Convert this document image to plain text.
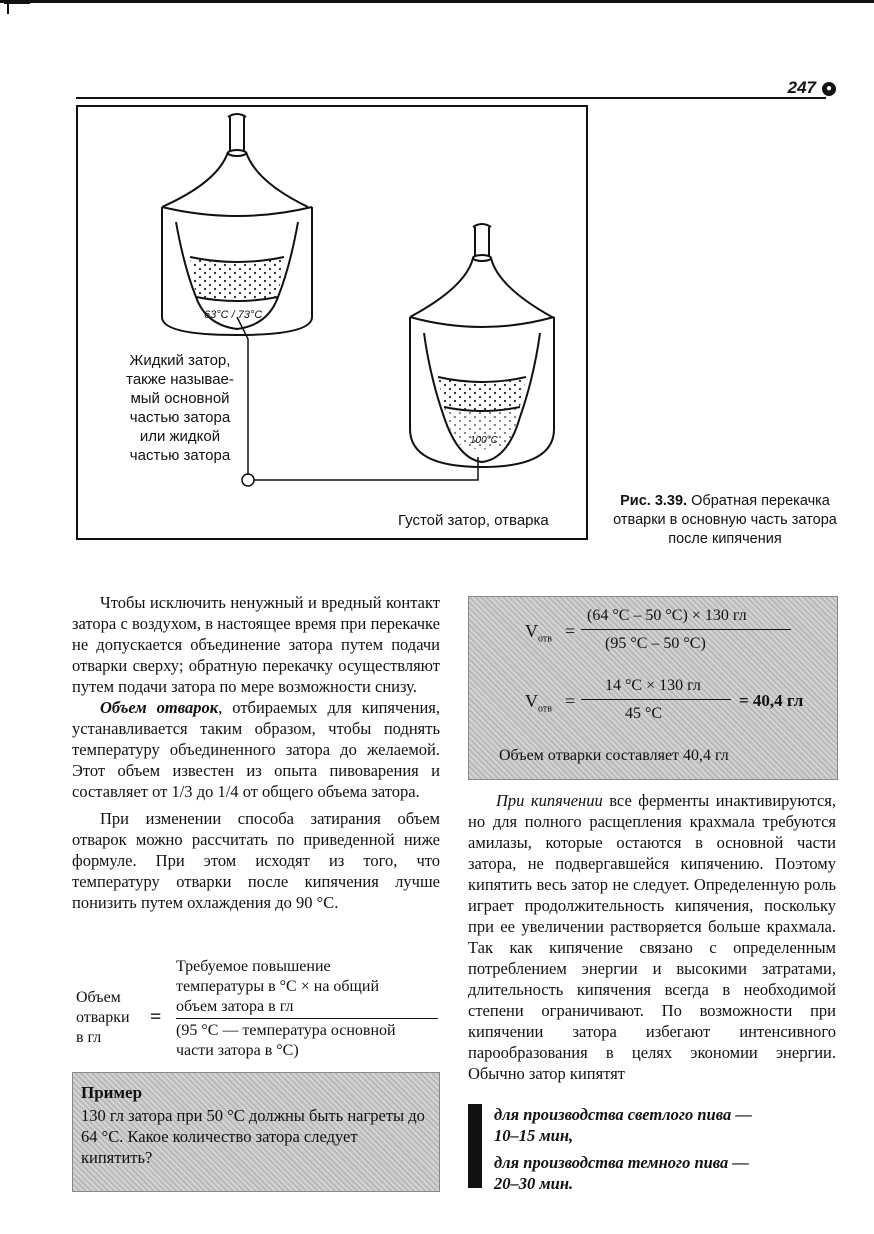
247 ●
63°C / 73°C
100°C
Жидкий затор,
также называе-
мый основной
частью затора
или жидкой
частью затора
Густой затор, отварка
Рис. 3.39. Обратная перекачка отварки в основную часть затора после кипячения

Чтобы исключить ненужный и вредный контакт затора с воздухом, в настоящее время при перекачке не допускается объединение затора путем подачи отварки сверху; обратную перекачку осуществляют путем подачи затора по мере возможности снизу.

Объем отварок, отбираемых для кипячения, устанавливается таким образом, чтобы поднять температуру объединенного затора до желаемой. Этот объем известен из опыта пивоварения и составляет от 1/3 до 1/4 от общего объема затора.

При изменении способа затирания объем отварок можно рассчитать по приведенной ниже формуле. При этом исходят из того, что температуру отварки после кипячения лучше понизить путем охлаждения до 90 °С.

Объем
отварки
в гл
=
Требуемое повышение
температуры в °С × на общий
объем затора в гл
(95 °С — температура основной
части затора в °С)
Пример
130 гл затора при 50 °С должны быть нагреты до 64 °С. Какое количество затора следует кипятить?
$V_{отв}$ =
(64 °С – 50 °С) × 130 гл
(95 °С – 50 °С)
$V_{отв}$ =
14 °С × 130 гл
45 °С
= 40,4 гл
Объем отварки составляет 40,4 гл

При кипячении все ферменты инактивируются, но для полного расщепления крахмала требуются амилазы, которые остаются в основной части затора, не подвергавшейся кипячению. Поэтому кипятить весь затор не следует. Определенную роль играет продолжительность кипячения, поскольку при ее увеличении растворяется больше крахмала. Так как кипячение связано с определенным потреблением энергии и высокими затратами, длительность кипячения всегда в необходимой степени ограничивают. По возможности при кипячении затора избегают интенсивного парообразования в целях экономии энергии. Обычно затор кипятят

для производства светлого пива —
10–15 мин,
для производства темного пива —
20–30 мин.
